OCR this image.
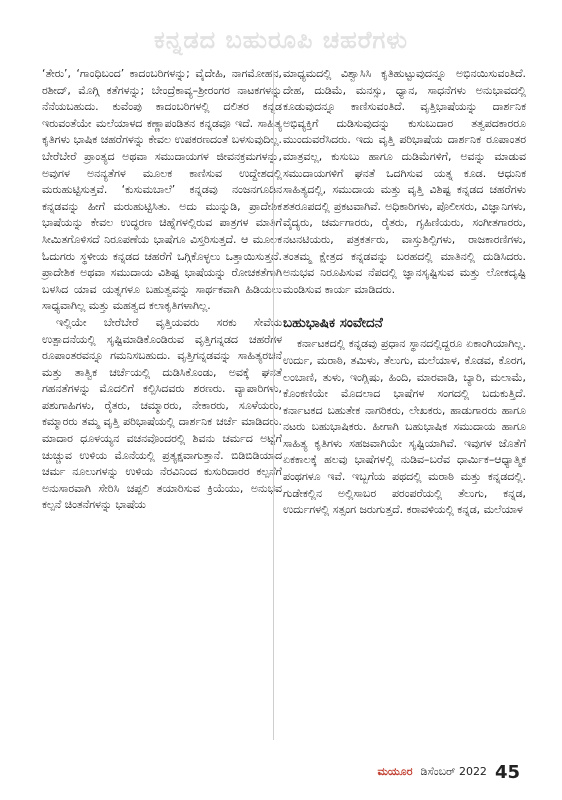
ಕನ್ನಡದ ಬಹುರೂಪಿ ಚಹರೆಗಳು

‘ತೇರು’, ‘ಗಾಂಧಿಬಂದ’ ಕಾದಂಬರಿಗಳನ್ನು; ವೈದೇಹಿ, ನಾಗಮೋಹನ, ರಶೀದ್, ಮೊಗ್ಗಿ ಕತೆಗಳನ್ನು; ಬೇಂದ್ರೆಕಾವ್ಯ–ಶ್ರೀರಂಗರ ನಾಟಕಗಳನ್ನು ನೆನೆಯಬಹುದು. ಕುವೆಂಪು ಕಾದಂಬರಿಗಳಲ್ಲಿ ದಲಿತರ ಕನ್ನಡ ಇರುವಂತೆಯೇ ಮಲೆಯಾಳದ ಕಣ್ಣಾಪಂಡಿತನ ಕನ್ನಡವೂ ಇದೆ. ಸಾಹಿತ್ಯ ಕೃತಿಗಳು ಭಾಷಿಕ ಚಹರೆಗಳನ್ನು ಕೇವಲ ಉಪಕರಣದಂತೆ ಬಳಸುವುದಿಲ್ಲ. ಬೇರೆಬೇರೆ ಪ್ರಾಂತ್ಯದ ಅಥವಾ ಸಮುದಾಯಗಳ ಜೀವನಕ್ರಮಗಳನ್ನು, ಅವುಗಳ ಅನನ್ಯತೆಗಳ ಮೂಲಕ ಕಾಣಿಸುವ ಉದ್ದೇಶದಲ್ಲಿ ಮರುಹುಟ್ಟಿಸುತ್ತವೆ. ‘ಕುಸುಮಬಾಲೆ’ ಕನ್ನಡವು ನಂಜನಗೂಡಿನ ಕನ್ನಡವನ್ನು ಹೀಗೆ ಮರುಹುಟ್ಟಿಸಿತು. ಅದು ಮುನ್ನುಡಿ, ಪ್ರಾದೇಶಿಕ ಭಾಷೆಯನ್ನು ಕೇವಲ ಉದ್ಧರಣ ಚಿಹ್ನೆಗಳಲ್ಲಿರುವ ಪಾತ್ರಗಳ ಮಾತಿಗೆ ಸೀಮಿತಗೊಳಿಸದೆ ನಿರೂಪಣೆಯ ಭಾಷೆಗೂ ವಿಸ್ತರಿಸುತ್ತದೆ. ಆ ಮೂಲಕ ಓದುಗರು ಸ್ಥಳೀಯ ಕನ್ನಡದ ಚಹರೆಗೆ ಒಗ್ಗಿಕೊಳ್ಳಲು ಒತ್ತಾಯಿಸುತ್ತದೆ. ಪ್ರಾದೇಶಿಕ ಅಥವಾ ಸಮುದಾಯ ವಿಶಿಷ್ಟ ಭಾಷೆಯನ್ನು ರೋಚಕತೆಗಾಗಿ ಬಳಸಿದ ಯಾವ ಯತ್ನಗಳೂ ಬಹುತ್ವವನ್ನು ಸಾರ್ಥಕವಾಗಿ ಹಿಡಿಯಲು ಸಾಧ್ಯವಾಗಿಲ್ಲ ಮತ್ತು ಮಹತ್ವದ ಕಲಾಕೃತಿಗಳಾಗಿಲ್ಲ.

ಇಲ್ಲಿಯೇ ಬೇರೆಬೇರೆ ವೃತ್ತಿಯವರು ಸರಕು ಸೇವೆಯ ಉತ್ಪಾದನೆಯಲ್ಲಿ ಸೃಷ್ಟಿಮಾಡಿಕೊಂಡಿರುವ ವೃತ್ತಿಗನ್ನಡದ ಚಹರೆಗಳ ರೂಪಾಂತರವನ್ನೂ ಗಮನಿಸಬಹುದು. ವೃತ್ತಿಗನ್ನಡವನ್ನು ಸಾಹಿತ್ಯರಚನೆ ಮತ್ತು ತಾತ್ವಿಕ ಚರ್ಚೆಯಲ್ಲಿ ದುಡಿಸಿಕೊಂಡು, ಅವಕ್ಕೆ ಘನತೆ ಗಹನತೆಗಳನ್ನು ಮೊದಲಿಗೆ ಕಲ್ಪಿಸಿದವರು ಶರಣರು. ವ್ಯಾಪಾರಿಗಳು, ಪಶುಗಾಹಿಗಳು, ರೈತರು, ಚಮ್ಮಾರರು, ನೇಕಾರರು, ಸೂಳೆಯರು, ಕಮ್ಮಾರರು ತಮ್ಮ ವೃತ್ತಿ ಪರಿಭಾಷೆಯಲ್ಲಿ ದಾರ್ಶನಿಕ ಚರ್ಚೆ ಮಾಡಿದರು. ಮಾದಾರ ಧೂಳಯ್ಯನ ವಚನವೊಂದರಲ್ಲಿ ಶಿವನು ಚರ್ಮದ ಅಟ್ಟೆಗೆ ಚುಚ್ಚುವ ಉಳಿಯ ಮೊನೆಯಲ್ಲಿ ಪ್ರತ್ಯಕ್ಷವಾಗುತ್ತಾನೆ. ಬಿಡಿಬಿಡಿಯಾದ ಚರ್ಮ ನೂಲುಗಳನ್ನು ಉಳಿಯ ನೆರವಿನಿಂದ ಕುಸುರಿದಾರರ ಕಲ್ಪನೆಗೆ ಅನುಸಾರವಾಗಿ ಸೇರಿಸಿ ಚಪ್ಪಲಿ ತಯಾರಿಸುವ ಕ್ರಿಯೆಯು, ಅನುಭವ ಕಲ್ಪನೆ ಚಿಂತನೆಗಳನ್ನು ಭಾಷೆಯ

ಮಾಧ್ಯಮದಲ್ಲಿ ವಿಶ್ವಾಸಿಸಿ ಕೃತಿಹುಟ್ಟುವುದನ್ನೂ ಅಭಿನಯಿಸುವಂತಿದೆ. ದೇಹ, ದುಡಿಮೆ, ಮನಸ್ಸು, ಧ್ಯಾನ, ಸಾಧನೆಗಳು ಅನುಭಾವದಲ್ಲಿ ಕೂಡುವುದನ್ನೂ ಕಾಣಿಸುವಂತಿದೆ. ವೃತ್ತಿಭಾಷೆಯನ್ನು ದಾರ್ಶನಿಕ ಅಭಿವ್ಯಕ್ತಿಗೆ ದುಡಿಸುವುದನ್ನು ಕುಸುಬುದಾರ ತತ್ವಪದಕಾರರೂ ಮುಂದುವರೆಸಿದರು. ಇದು ವೃತ್ತಿ ಪರಿಭಾಷೆಯ ದಾರ್ಶನಿಕ ರೂಪಾಂತರ ಮಾತ್ರವಲ್ಲ, ಕುಸುಬು ಹಾಗೂ ದುಡಿಮೆಗಳಿಗೆ, ಅವನ್ನು ಮಾಡುವ ಸಮುದಾಯಗಳಿಗೆ ಘನತೆ ಒದಗಿಸುವ ಯತ್ನ ಕೂಡ. ಆಧುನಿಕ ಸಾಹಿತ್ಯದಲ್ಲಿ, ಸಮುದಾಯ ಮತ್ತು ವೃತ್ತಿ ವಿಶಿಷ್ಟ ಕನ್ನಡದ ಚಹರೆಗಳು ಶತರೂಪದಲ್ಲಿ ಪ್ರಕಟವಾಗಿವೆ. ಅಧಿಕಾರಿಗಳು, ಪೊಲೀಸರು, ವಿಜ್ಞಾನಿಗಳು, ವೈದ್ಯರು, ಚರ್ಮಗಾರರು, ರೈತರು, ಗೃಹಿಣಿಯರು, ಸಂಗೀತಗಾರರು, ನಟನಟಿಯರು, ಪತ್ರಕರ್ತರು, ವಾಸ್ತುಶಿಲ್ಪಿಗಳು, ರಾಜಕಾರಣಿಗಳು, ತಂತಮ್ಮ ಕ್ಷೇತ್ರದ ಕನ್ನಡವನ್ನು ಬರಹದಲ್ಲಿ ಮಾತಿನಲ್ಲಿ ದುಡಿಸಿದರು. ಅನುಭವ ನಿರೂಪಿಸುವ ನೆಪದಲ್ಲಿ ಜ್ಞಾನಸೃಷ್ಟಿಸುವ ಮತ್ತು ಲೋಕದೃಷ್ಟಿ ಮಂಡಿಸುವ ಕಾರ್ಯ ಮಾಡಿದರು.

ಬಹುಭಾಷಿಕ ಸಂವೇದನೆ

ಕರ್ನಾಟಕದಲ್ಲಿ ಕನ್ನಡವು ಪ್ರಧಾನ ಸ್ಥಾನದಲ್ಲಿದ್ದರೂ ಏಕಾಂಗಿಯಾಗಿಲ್ಲ. ಉರ್ದು, ಮರಾಠಿ, ತಮಿಳು, ತೆಲುಗು, ಮಲೆಯಾಳ, ಕೊಡವ, ಕೊರಗ, ಲಂಬಾಣಿ, ತುಳು, ಇಂಗ್ಲಿಷು, ಹಿಂದಿ, ಮಾರವಾಡಿ, ಬ್ಯಾರಿ, ಮಲಾಮೆ, ಕೊಂಕಣಿಯೇ ಮೊದಲಾದ ಭಾಷೆಗಳ ಸಂಗದಲ್ಲಿ ಬದುಕುತ್ತಿದೆ. ಕರ್ನಾಟಕದ ಬಹುತೇಕ ನಾಗರಿಕರು, ಲೇಖಕರು, ಹಾಡುಗಾರರು ಹಾಗೂ ನಟರು ಬಹುಭಾಷಿಕರು. ಹೀಗಾಗಿ ಬಹುಭಾಷಿಕ ಸಮುದಾಯ ಹಾಗೂ ಸಾಹಿತ್ಯ ಕೃತಿಗಳು ಸಹಜವಾಗಿಯೇ ಸೃಷ್ಟಿಯಾಗಿವೆ. ಇವುಗಳ ಜೊತೆಗೆ ಏಕಕಾಲಕ್ಕೆ ಹಲವು ಭಾಷೆಗಳಲ್ಲಿ ನುಡಿವ–ಬರೆವ ಧಾರ್ಮಿಕ–ಆಧ್ಯಾತ್ಮಿಕ ಪಂಥಗಳೂ ಇವೆ. ಇಬ್ಬಗೆಯ ಪಥದಲ್ಲಿ ಮರಾಠಿ ಮತ್ತು ಕನ್ನಡದಲ್ಲಿ. ಗುಡೇಕಲ್ಲಿನ ಅಲ್ಲಿಸಾಬರ ಪರಂಪರೆಯಲ್ಲಿ ತೆಲುಗು, ಕನ್ನಡ, ಉರ್ದುಗಳಲ್ಲಿ ಸತ್ಸಂಗ ಜರುಗುತ್ತದೆ. ಕರಾವಳಿಯಲ್ಲಿ ಕನ್ನಡ, ಮಲೆಯಾಳ

ಮಯೂರ ಡಿಸೆಂಬರ್ 2022 45
